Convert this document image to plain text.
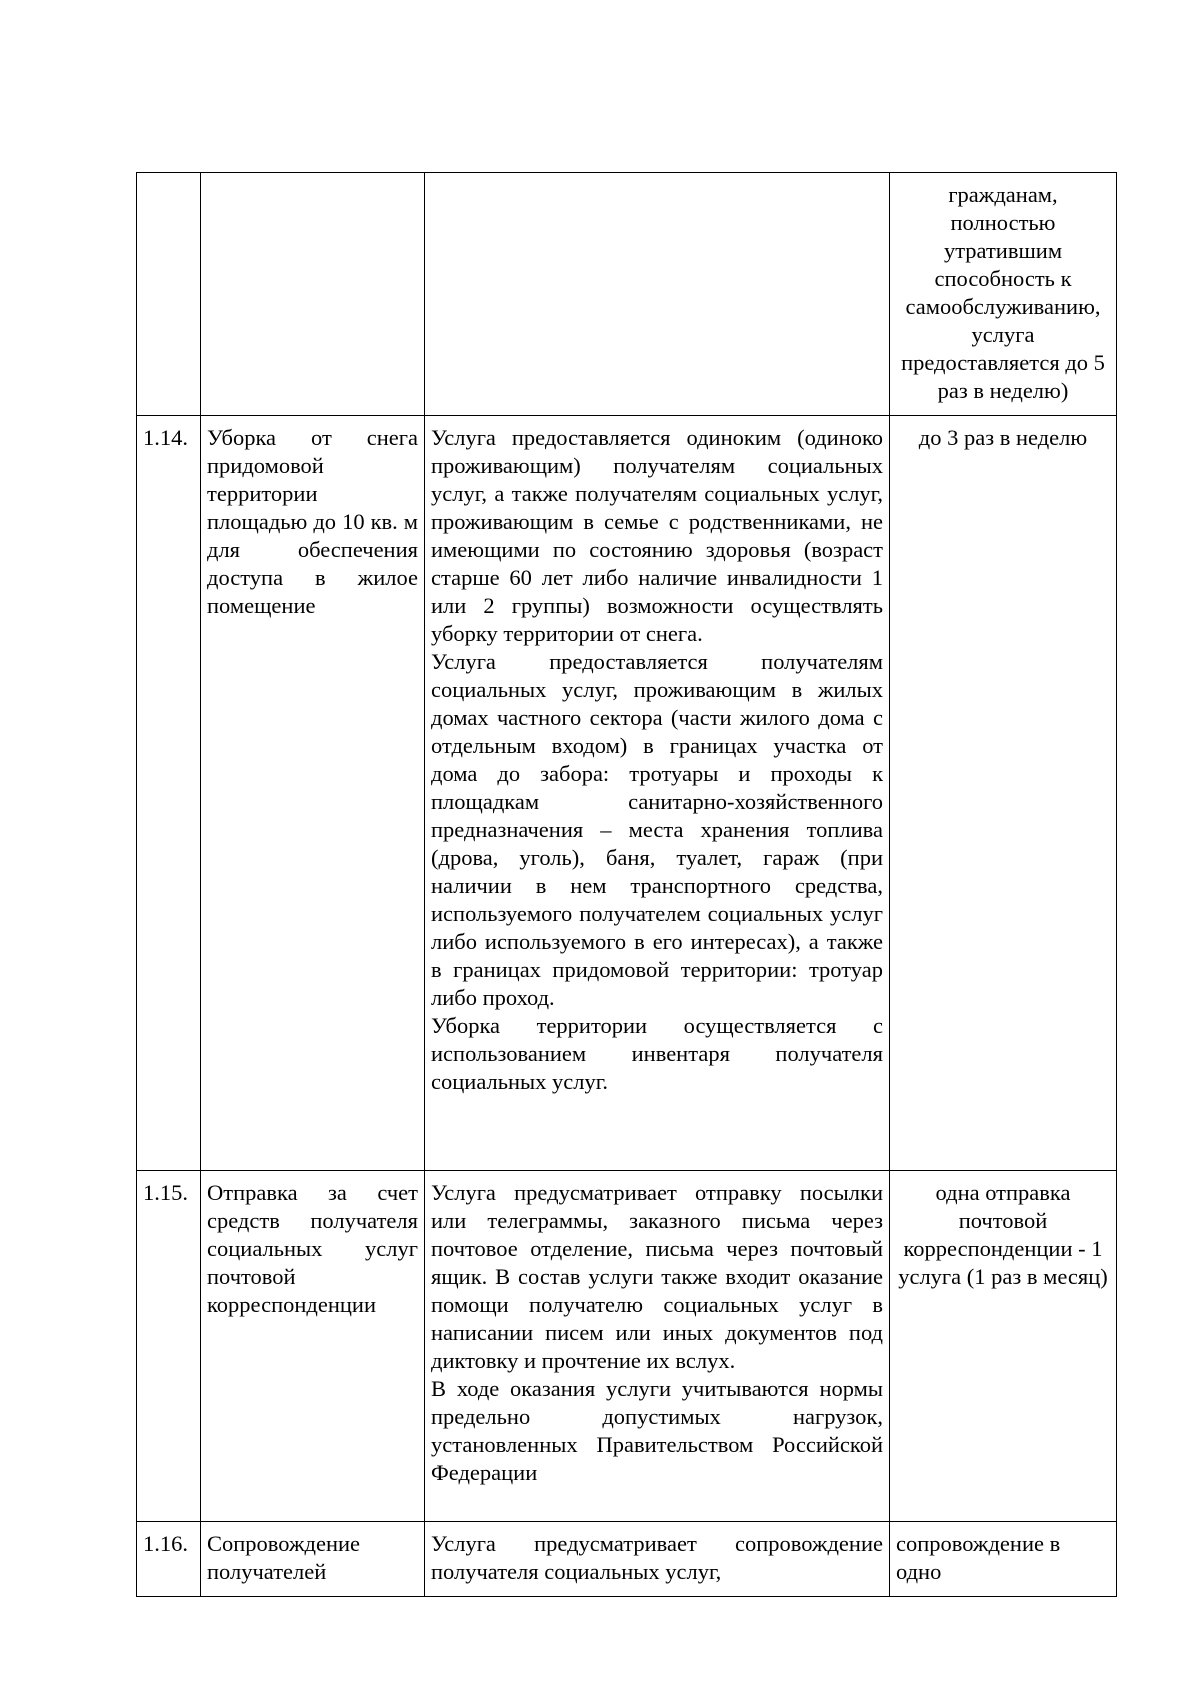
			гражданам, полностью утратившим способность к самообслуживанию, услуга предоставляется до 5 раз в неделю)

1.14.	Уборка от снега придомовой территории площадью до 10 кв. м для обеспечения доступа в жилое помещение	Услуга предоставляется одиноким (одиноко проживающим) получателям социальных услуг, а также получателям социальных услуг, проживающим в семье с родственниками, не имеющими по состоянию здоровья (возраст старше 60 лет либо наличие инвалидности 1 или 2 группы) возможности осуществлять уборку территории от снега.

Услуга предоставляется получателям социальных услуг, проживающим в жилых домах частного сектора (части жилого дома с отдельным входом) в границах участка от дома до забора: тротуары и проходы к площадкам санитарно-хозяйственного предназначения – места хранения топлива (дрова, уголь), баня, туалет, гараж (при наличии в нем транспортного средства, используемого получателем социальных услуг либо используемого в его интересах), а также в границах придомовой территории: тротуар либо проход.

Уборка территории осуществляется с использованием инвентаря получателя социальных услуг.	до 3 раз в неделю

1.15.	Отправка за счет средств получателя социальных услуг почтовой корреспонденции	Услуга предусматривает отправку посылки или телеграммы, заказного письма через почтовое отделение, письма через почтовый ящик. В состав услуги также входит оказание помощи получателю социальных услуг в написании писем или иных документов под диктовку и прочтение их вслух.

В ходе оказания услуги учитываются нормы предельно допустимых нагрузок, установленных Правительством Российской Федерации	одна отправка почтовой корреспонденции - 1 услуга (1 раз в месяц)

1.16.	Сопровождение получателей	Услуга предусматривает сопровождение получателя социальных услуг,	сопровождение в одно
